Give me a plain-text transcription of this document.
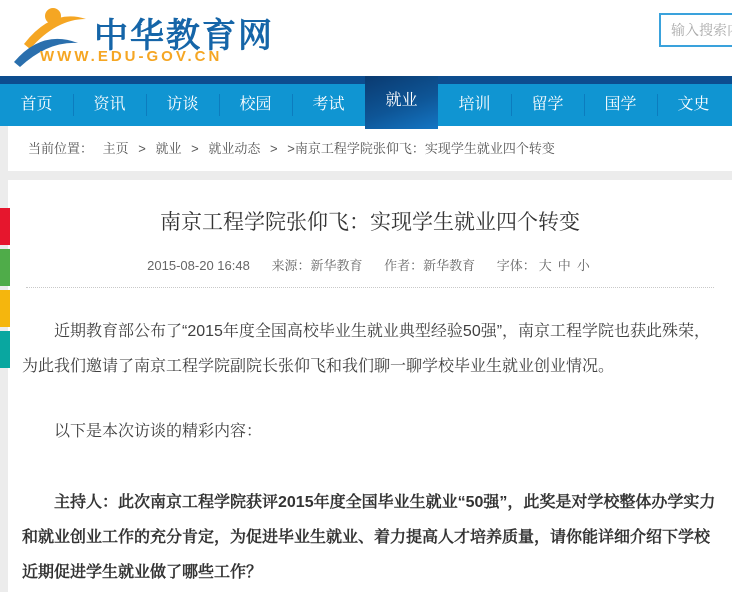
中华教育网
WWW.EDU-GOV.CN
输入搜索内容
首页	资讯	访谈	校园	考试	就业	培训	留学	国学	文史
当前位置： 主页 > 就业 > 就业动态 > >南京工程学院张仰飞：实现学生就业四个转变
南京工程学院张仰飞：实现学生就业四个转变
2015-08-20 16:48 来源：新华教育 作者：新华教育 字体： 大 中 小

近期教育部公布了“2015年度全国高校毕业生就业典型经验50强”，南京工程学院也获此殊荣，为此我们邀请了南京工程学院副院长张仰飞和我们聊一聊学校毕业生就业创业情况。

以下是本次访谈的精彩内容：

主持人：此次南京工程学院获评2015年度全国毕业生就业“50强”，此奖是对学校整体办学实力和就业创业工作的充分肯定，为促进毕业生就业、着力提高人才培养质量，请你能详细介绍下学校近期促进学生就业做了哪些工作？
